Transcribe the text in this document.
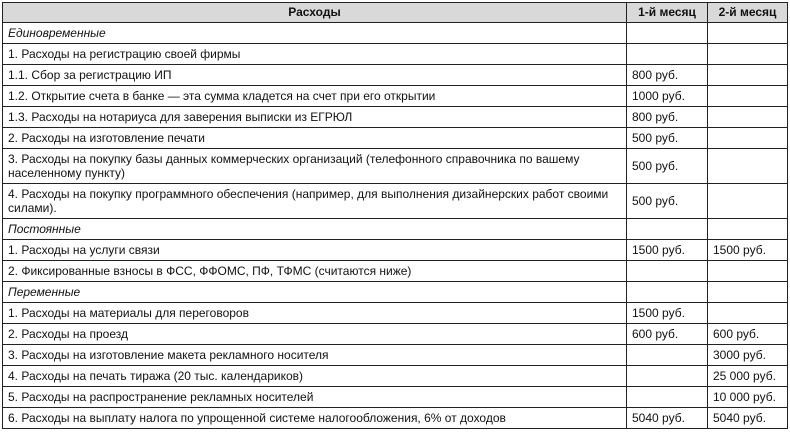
Расходы	1-й месяц	2-й месяц
Единовременные		
1. Расходы на регистрацию своей фирмы		
1.1. Сбор за регистрацию ИП	800 руб.	
1.2. Открытие счета в банке — эта сумма кладется на счет при его открытии	1000 руб.	
1.3. Расходы на нотариуса для заверения выписки из ЕГРЮЛ	800 руб.	
2. Расходы на изготовление печати	500 руб.	
3. Расходы на покупку базы данных коммерческих организаций (телефонного справочника по вашему населенному пункту)	500 руб.	
4. Расходы на покупку программного обеспечения (например, для выполнения дизайнерских работ своими силами).	500 руб.	
Постоянные		
1. Расходы на услуги связи	1500 руб.	1500 руб.
2. Фиксированные взносы в ФСС, ФФОМС, ПФ, ТФМС (считаются ниже)		
Переменные		
1. Расходы на материалы для переговоров	1500 руб.	
2. Расходы на проезд	600 руб.	600 руб.
3. Расходы на изготовление макета рекламного носителя		3000 руб.
4. Расходы на печать тиража (20 тыс. календариков)		25 000 руб.
5. Расходы на распространение рекламных носителей		10 000 руб.
6. Расходы на выплату налога по упрощенной системе налогообложения, 6% от доходов	5040 руб.	5040 руб.
